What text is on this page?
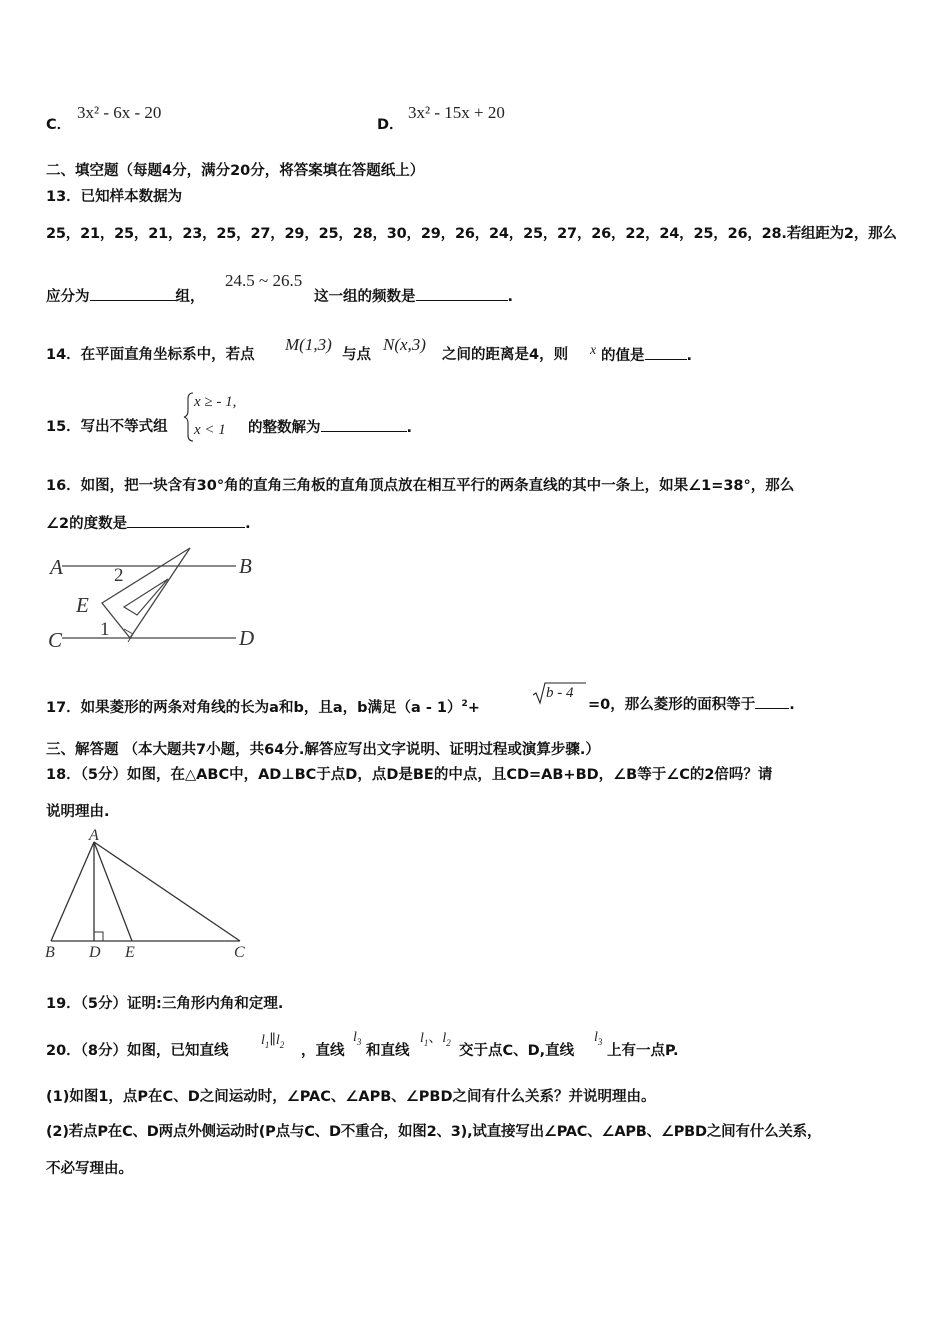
C．
3x² - 6x - 20
D．
3x² - 15x + 20
二、填空题（每题4分，满分20分，将答案填在答题纸上）
13．已知样本数据为
25，21，25，21，23，25，27，29，25，28，30，29，26，24，25，27，26，22，24，25，26，28.若组距为2，那么
应分为	组，
24.5 ~ 26.5
这一组的频数是	.
14．在平面直角坐标系中，若点
M(1,3)
与点
N(x,3)
之间的距离是4，则 x 的值是	.
15．写出不等式组
x ≥ - 1,
x < 1 的整数解为	.
16．如图，把一块含有30°角的直角三角板的直角顶点放在相互平行的两条直线的其中一条上，如果∠1=38°，那么
∠2的度数是	.
A	B
C	D
E
1
2
17．如果菱形的两条对角线的长为a和b，且a，b满足（a - 1）$^2$+
b - 4
=0，那么菱形的面积等于 .
三、解答题 （本大题共7小题，共64分.解答应写出文字说明、证明过程或演算步骤.）
18．（5分）如图，在△ABC中，AD⊥BC于点D，点D是BE的中点，且CD=AB+BD，∠B等于∠C的2倍吗？请
说明理由.
A
B D E	C
19．（5分）证明:三角形内角和定理.
20．（8分）如图，已知直线
$l_1\parallel l_2$ ，直线
$l_3$
和直线
$l_1$、$l_2$
交于点C、D,直线
$l_3$
上有一点P.
(1)如图1，点P在C、D之间运动时，∠PAC、∠APB、∠PBD之间有什么关系？并说明理由。
(2)若点P在C、D两点外侧运动时(P点与C、D不重合，如图2、3),试直接写出∠PAC、∠APB、∠PBD之间有什么关系，
不必写理由。
